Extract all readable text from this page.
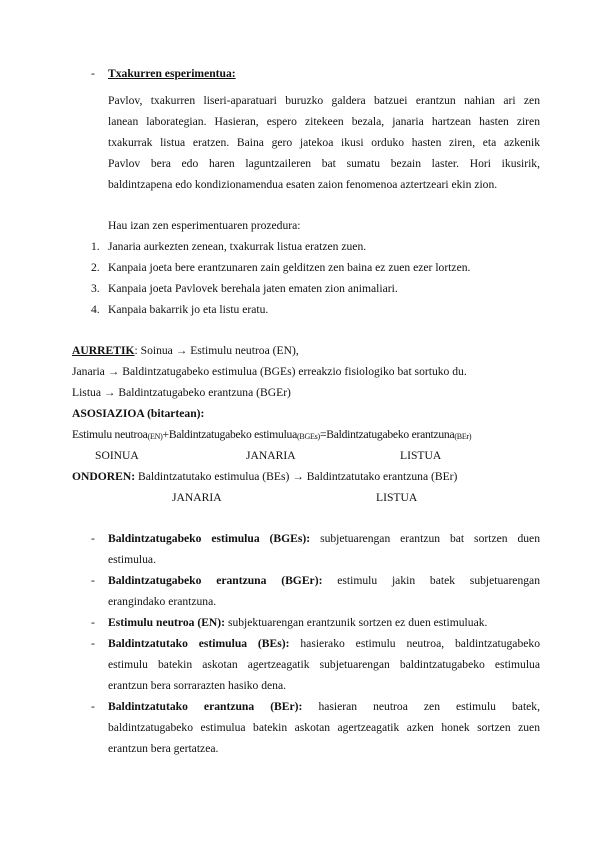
- Txakurren esperimentua:
Pavlov, txakurren liseri-aparatuari buruzko galdera batzuei erantzun nahian ari zen
lanean laborategian. Hasieran, espero zitekeen bezala, janaria hartzean hasten ziren
txakurrak listua eratzen. Baina gero jatekoa ikusi orduko hasten ziren, eta azkenik
Pavlov bera edo haren laguntzaileren bat sumatu bezain laster. Hori ikusirik,
baldintzapena edo kondizionamendua esaten zaion fenomenoa aztertzeari ekin zion.
Hau izan zen esperimentuaren prozedura:
1. Janaria aurkezten zenean, txakurrak listua eratzen zuen.
2. Kanpaia joeta bere erantzunaren zain gelditzen zen baina ez zuen ezer lortzen.
3. Kanpaia joeta Pavlovek berehala jaten ematen zion animaliari.
4. Kanpaia bakarrik jo eta listu eratu.
AURRETIK: Soinua → Estimulu neutroa (EN),
Janaria → Baldintzatugabeko estimulua (BGEs) erreakzio fisiologiko bat sortuko du.
Listua → Baldintzatugabeko erantzuna (BGEr)
ASOSIAZIOA (bitartean):
Estimulu neutroa(EN)+Baldintzatugabeko estimulua(BGEs)=Baldintzatugabeko erantzuna(BEr)
SOINUA	JANARIA	LISTUA
ONDOREN: Baldintzatutako estimulua (BEs) → Baldintzatutako erantzuna (BEr)
JANARIA	LISTUA
- Baldintzatugabeko estimulua (BGEs): subjetuarengan erantzun bat sortzen duen
estimulua.
- Baldintzatugabeko erantzuna (BGEr): estimulu jakin batek subjetuarengan
erangindako erantzuna.
- Estimulu neutroa (EN): subjektuarengan erantzunik sortzen ez duen estimuluak.
- Baldintzatutako estimulua (BEs): hasierako estimulu neutroa, baldintzatugabeko
estimulu batekin askotan agertzeagatik subjetuarengan baldintzatugabeko estimulua
erantzun bera sorrarazten hasiko dena.
- Baldintzatutako erantzuna (BEr): hasieran neutroa zen estimulu batek,
baldintzatugabeko estimulua batekin askotan agertzeagatik azken honek sortzen zuen
erantzun bera gertatzea.
